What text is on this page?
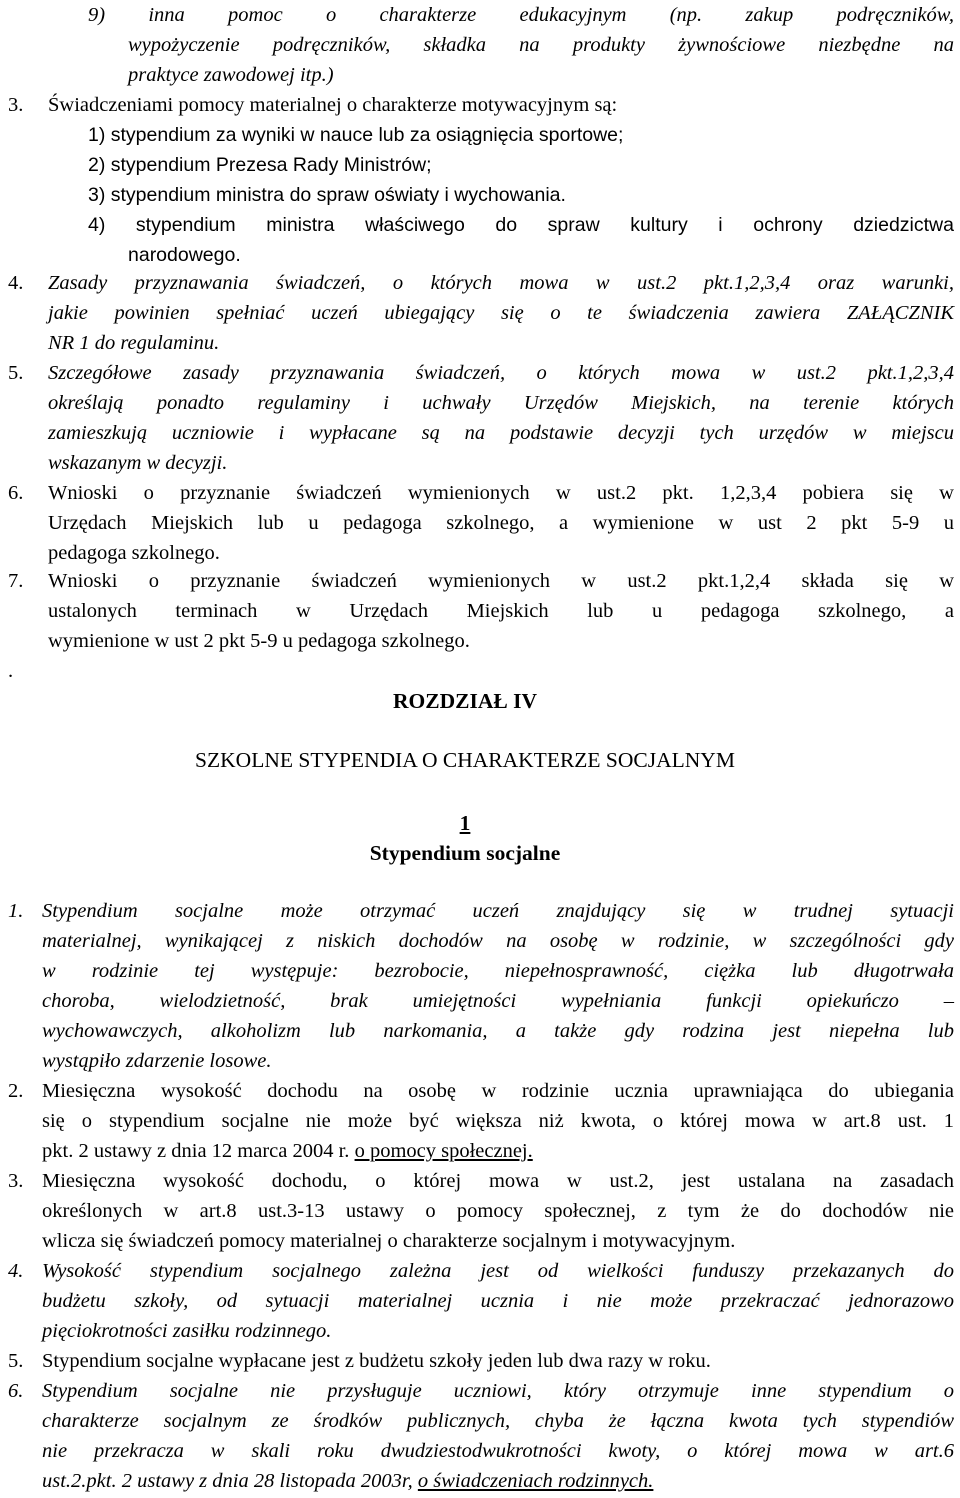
9) inna pomoc o charakterze edukacyjnym (np. zakup podręczników,
wypożyczenie podręczników, składka na produkty żywnościowe niezbędne na
praktyce zawodowej itp.)
3. Świadczeniami pomocy materialnej o charakterze motywacyjnym są:
1) stypendium za wyniki w nauce lub za osiągnięcia sportowe;
2) stypendium Prezesa Rady Ministrów;
3) stypendium ministra do spraw oświaty i wychowania.
4) stypendium ministra właściwego do spraw kultury i ochrony dziedzictwa
narodowego.
4. Zasady przyznawania świadczeń, o których mowa w ust.2 pkt.1,2,3,4 oraz warunki,
jakie powinien spełniać uczeń ubiegający się o te świadczenia zawiera ZAŁĄCZNIK
NR 1 do regulaminu.
5. Szczegółowe zasady przyznawania świadczeń, o których mowa w ust.2 pkt.1,2,3,4
określają ponadto regulaminy i uchwały Urzędów Miejskich, na terenie których
zamieszkują uczniowie i wypłacane są na podstawie decyzji tych urzędów w miejscu
wskazanym w decyzji.
6. Wnioski o przyznanie świadczeń wymienionych w ust.2 pkt. 1,2,3,4 pobiera się w
Urzędach Miejskich lub u pedagoga szkolnego, a wymienione w ust 2 pkt 5-9 u
pedagoga szkolnego.
7. Wnioski o przyznanie świadczeń wymienionych w ust.2 pkt.1,2,4 składa się w
ustalonych terminach w Urzędach Miejskich lub u pedagoga szkolnego, a
wymienione w ust 2 pkt 5-9 u pedagoga szkolnego.
.
ROZDZIAŁ IV
SZKOLNE STYPENDIA O CHARAKTERZE SOCJALNYM
1
Stypendium socjalne
1. Stypendium socjalne może otrzymać uczeń znajdujący się w trudnej sytuacji
materialnej, wynikającej z niskich dochodów na osobę w rodzinie, w szczególności gdy
w rodzinie tej występuje: bezrobocie, niepełnosprawność, ciężka lub długotrwała
choroba, wielodzietność, brak umiejętności wypełniania funkcji opiekuńczo –
wychowawczych, alkoholizm lub narkomania, a także gdy rodzina jest niepełna lub
wystąpiło zdarzenie losowe.
2. Miesięczna wysokość dochodu na osobę w rodzinie ucznia uprawniająca do ubiegania
się o stypendium socjalne nie może być większa niż kwota, o której mowa w art.8 ust. 1
pkt. 2 ustawy z dnia 12 marca 2004 r. o pomocy społecznej.
3. Miesięczna wysokość dochodu, o której mowa w ust.2, jest ustalana na zasadach
określonych w art.8 ust.3-13 ustawy o pomocy społecznej, z tym że do dochodów nie
wlicza się świadczeń pomocy materialnej o charakterze socjalnym i motywacyjnym.
4. Wysokość stypendium socjalnego zależna jest od wielkości funduszy przekazanych do
budżetu szkoły, od sytuacji materialnej ucznia i nie może przekraczać jednorazowo
pięciokrotności zasiłku rodzinnego.
5. Stypendium socjalne wypłacane jest z budżetu szkoły jeden lub dwa razy w roku.
6. Stypendium socjalne nie przysługuje uczniowi, który otrzymuje inne stypendium o
charakterze socjalnym ze środków publicznych, chyba że łączna kwota tych stypendiów
nie przekracza w skali roku dwudziestodwukrotności kwoty, o której mowa w art.6
ust.2.pkt. 2 ustawy z dnia 28 listopada 2003r, o świadczeniach rodzinnych.
